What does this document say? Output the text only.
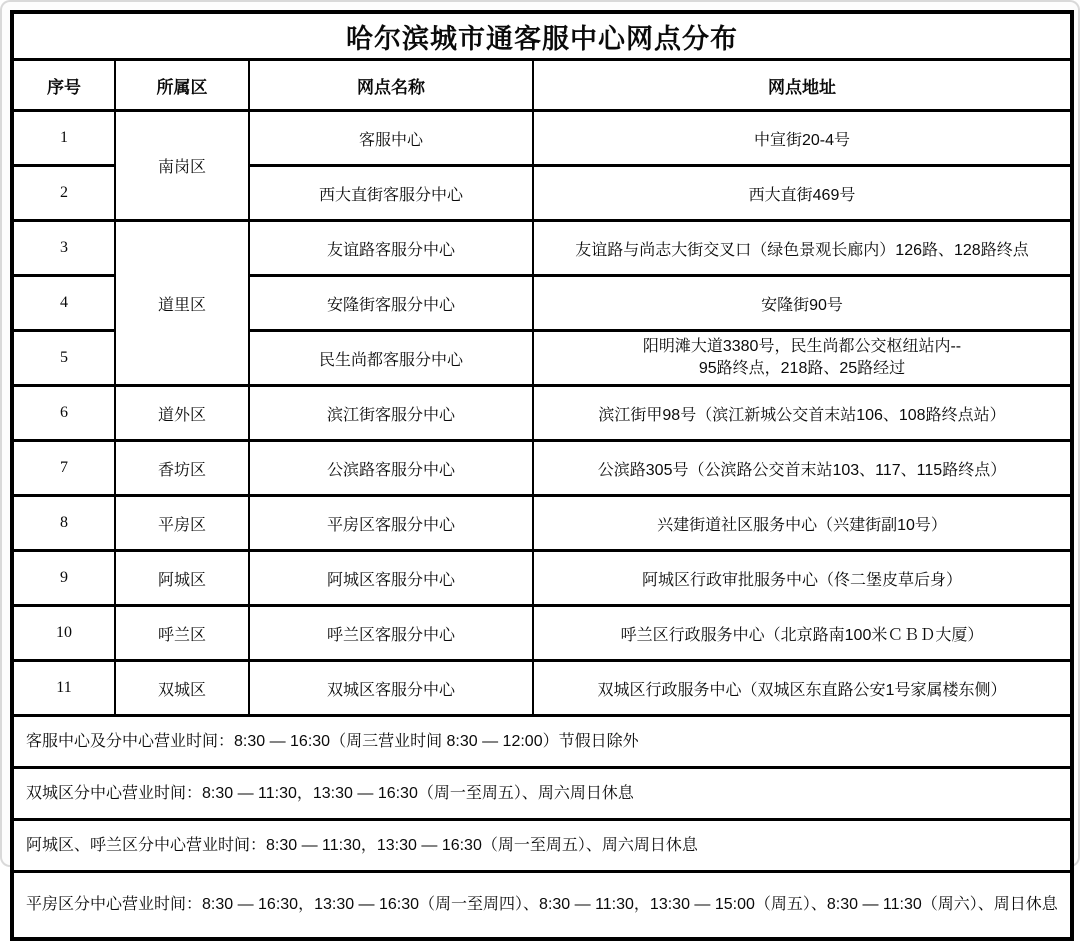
哈尔滨城市通客服中心网点分布			
序号	所属区	网点名称	网点地址
1	南岗区	客服中心	中宣街20-4号
2		西大直街客服分中心	西大直街469号
3	道里区	友谊路客服分中心	友谊路与尚志大街交叉口（绿色景观长廊内）126路、128路终点
4		安隆街客服分中心	安隆街90号
5		民生尚都客服分中心	阳明滩大道3380号，民生尚都公交枢纽站内--
95路终点，218路、25路经过

6	道外区	滨江街客服分中心	滨江街甲98号（滨江新城公交首末站106、108路终点站）
7	香坊区	公滨路客服分中心	公滨路305号（公滨路公交首末站103、117、115路终点）
8	平房区	平房区客服分中心	兴建街道社区服务中心（兴建街副10号）
9	阿城区	阿城区客服分中心	阿城区行政审批服务中心（佟二堡皮草后身）
10	呼兰区	呼兰区客服分中心	呼兰区行政服务中心（北京路南100米ＣＢＤ大厦）
11	双城区	双城区客服分中心	双城区行政服务中心（双城区东直路公安1号家属楼东侧）
客服中心及分中心营业时间：8:30 — 16:30（周三营业时间 8:30 — 12:00）节假日除外			
双城区分中心营业时间：8:30 — 11:30，13:30 — 16:30（周一至周五）、周六周日休息			
阿城区、呼兰区分中心营业时间：8:30 — 11:30，13:30 — 16:30（周一至周五）、周六周日休息			
平房区分中心营业时间：8:30 — 16:30，13:30 — 16:30（周一至周四）、8:30 — 11:30，13:30 — 15:00（周五）、8:30 — 11:30（周六）、周日休息			
